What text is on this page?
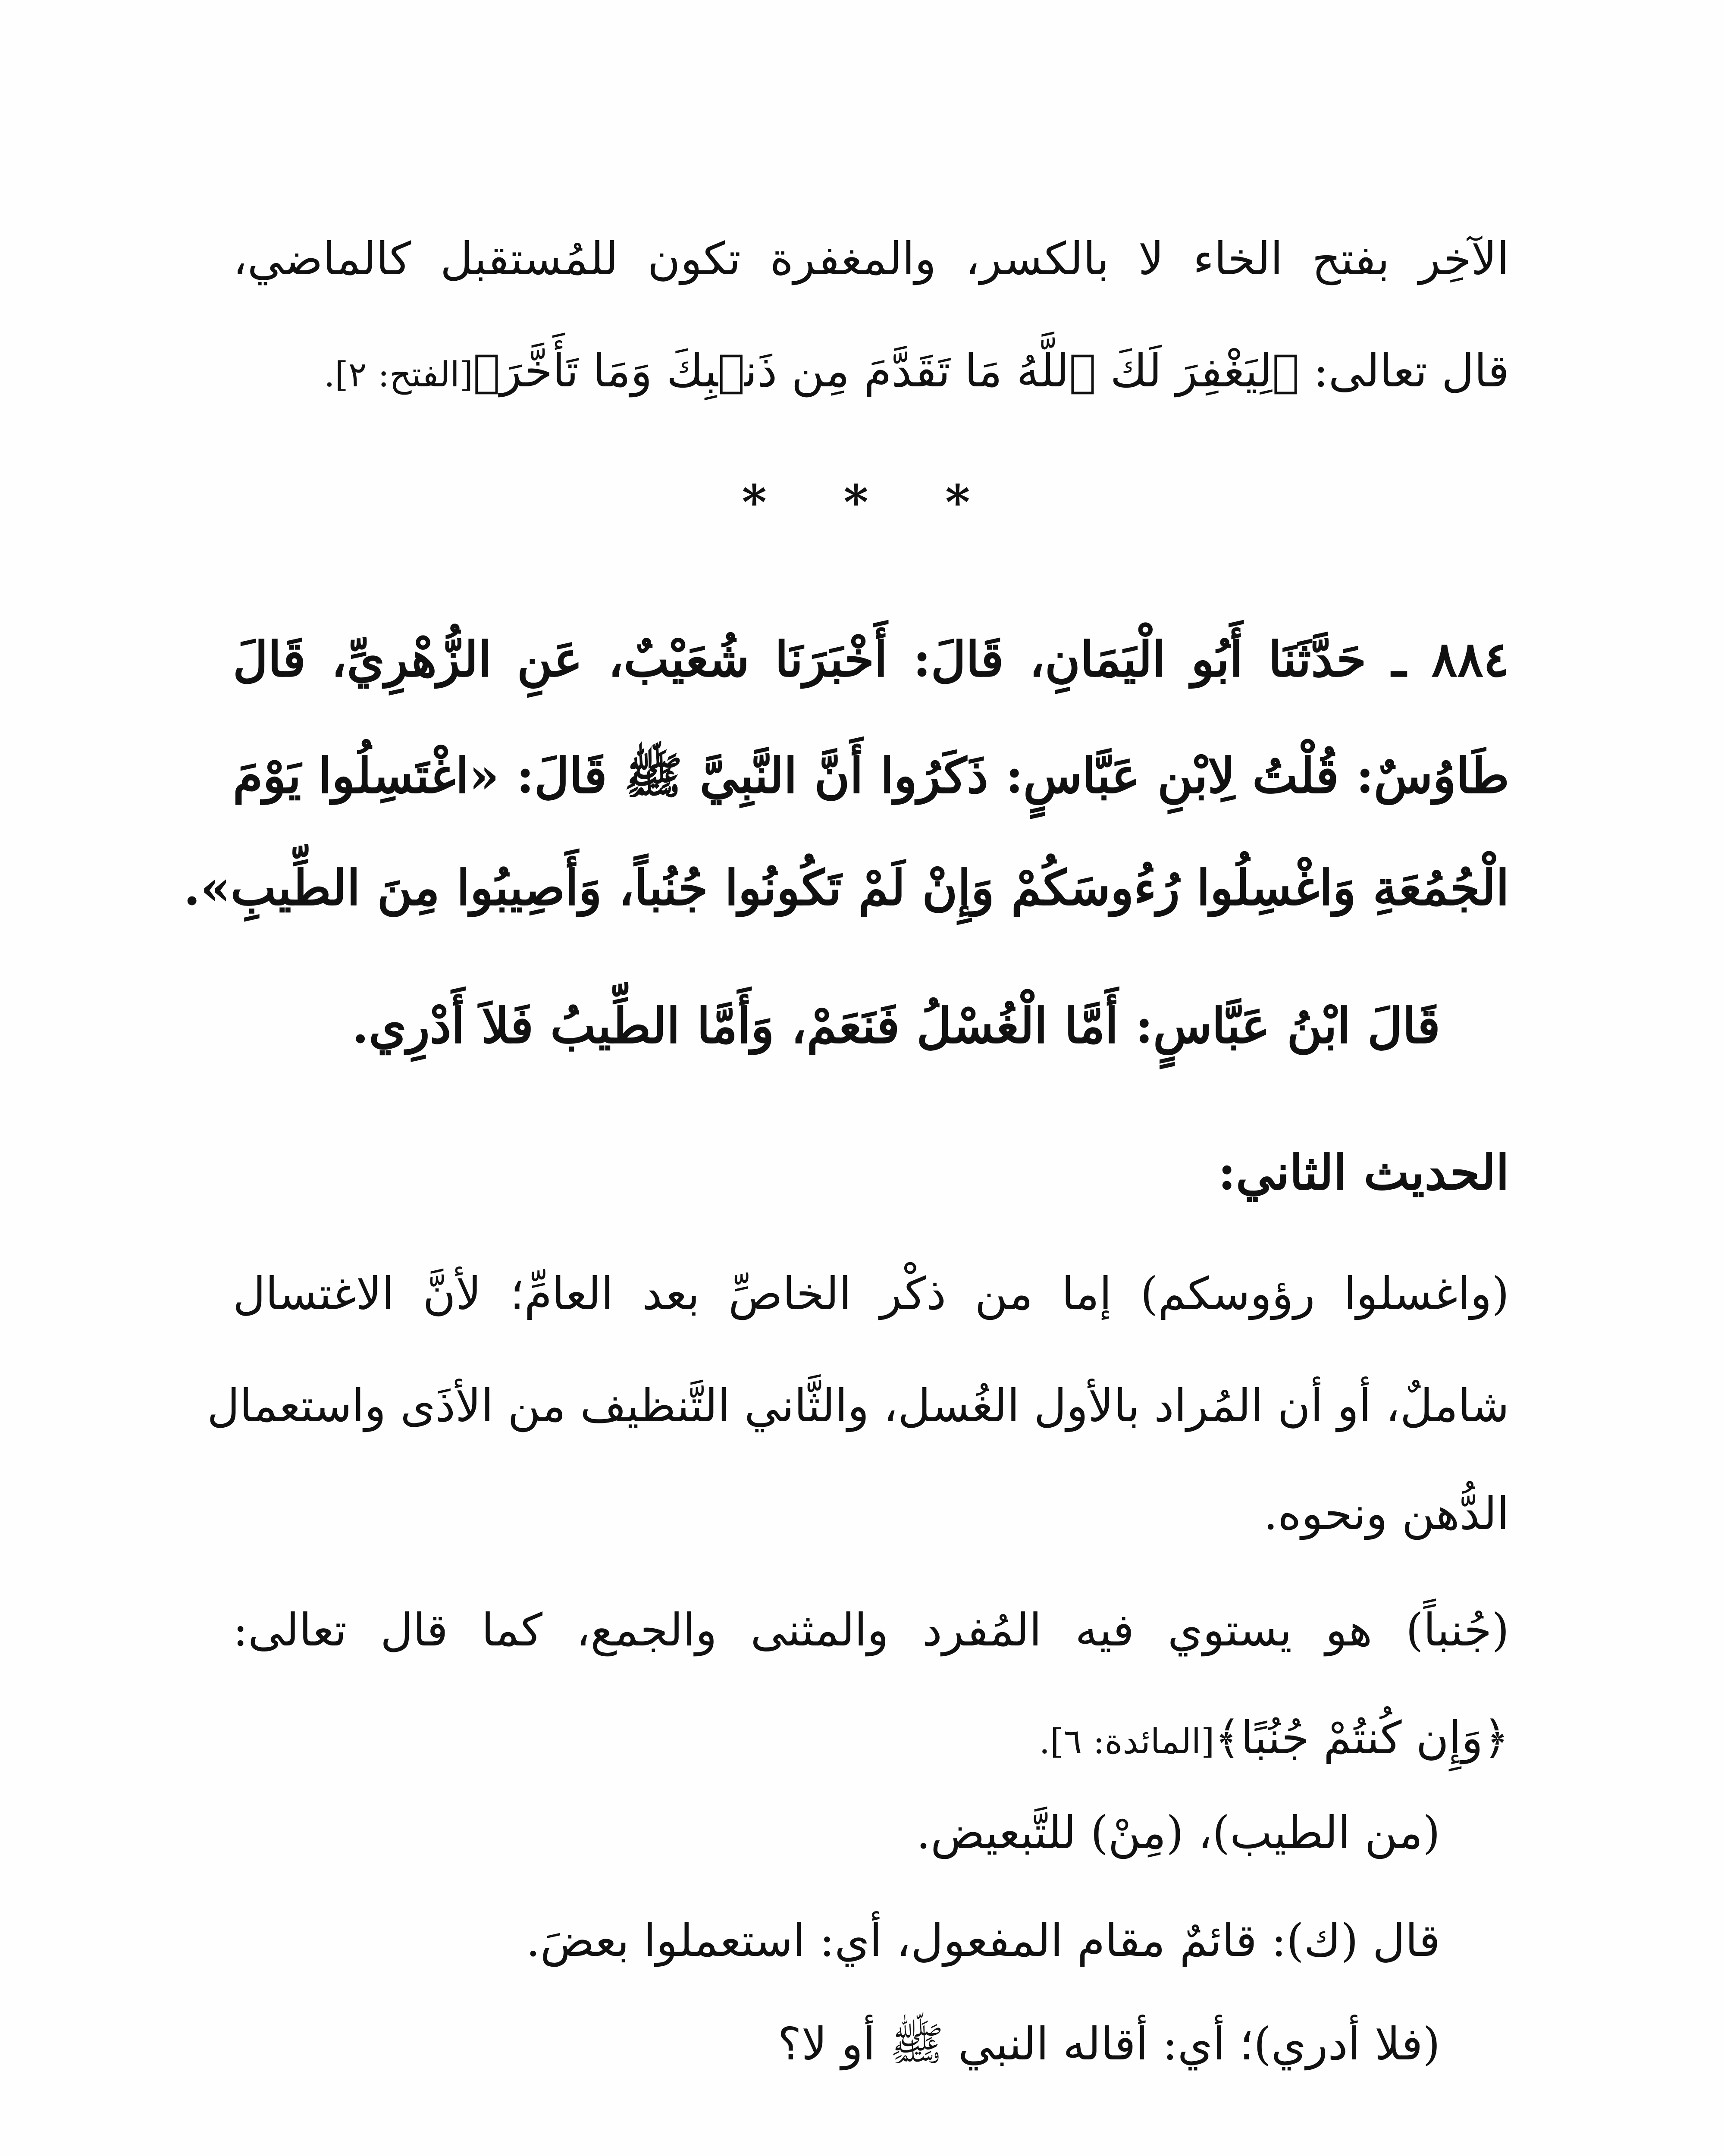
الآخِر بفتح الخاء لا بالكسر، والمغفرة تكون للمُستقبل كالماضي،
قال تعالى: ﴿لِيَغْفِرَ لَكَ ٱللَّهُ مَا تَقَدَّمَ مِن ذَنۢبِكَ وَمَا تَأَخَّرَ﴾[الفتح: ٢].
* * *
٨٨٤ ـ حَدَّثَنَا أَبُو الْيَمَانِ، قَالَ: أَخْبَرَنَا شُعَيْبٌ، عَنِ الزُّهْرِيِّ، قَالَ
طَاوُسٌ: قُلْتُ لِابْنِ عَبَّاسٍ: ذَكَرُوا أَنَّ النَّبِيَّ ﷺ قَالَ: «اغْتَسِلُوا يَوْمَ
الْجُمُعَةِ وَاغْسِلُوا رُءُوسَكُمْ وَإِنْ لَمْ تَكُونُوا جُنُباً، وَأَصِيبُوا مِنَ الطِّيبِ».
قَالَ ابْنُ عَبَّاسٍ: أَمَّا الْغُسْلُ فَنَعَمْ، وَأَمَّا الطِّيبُ فَلاَ أَدْرِي.
الحديث الثاني:
(واغسلوا رؤوسكم) إما من ذكْر الخاصِّ بعد العامِّ؛ لأنَّ الاغتسال
شاملٌ، أو أن المُراد بالأول الغُسل، والثَّاني التَّنظيف من الأذَى واستعمال
الدُّهن ونحوه.
(جُنباً) هو يستوي فيه المُفرد والمثنى والجمع، كما قال تعالى:
﴿وَإِن كُنتُمْ جُنُبًا﴾[المائدة: ٦].
(من الطيب)، (مِنْ) للتَّبعيض.
قال (ك): قائمٌ مقام المفعول، أي: استعملوا بعضَ.
(فلا أدري)؛ أي: أقاله النبي ﷺ أو لا؟
